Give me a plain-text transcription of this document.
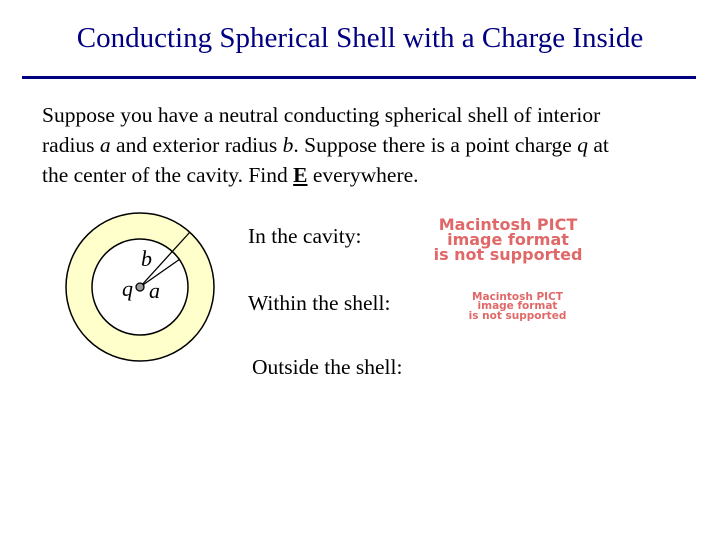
Conducting Spherical Shell with a Charge Inside
Suppose you have a neutral conducting spherical shell of interior
radius a and exterior radius b. Suppose there is a point charge q at
the center of the cavity. Find E everywhere.
b
q a
In the cavity:	Macintosh PICT
image format
is not supported
Within the shell:	Macintosh PICT
image format
is not supported
Outside the shell:
